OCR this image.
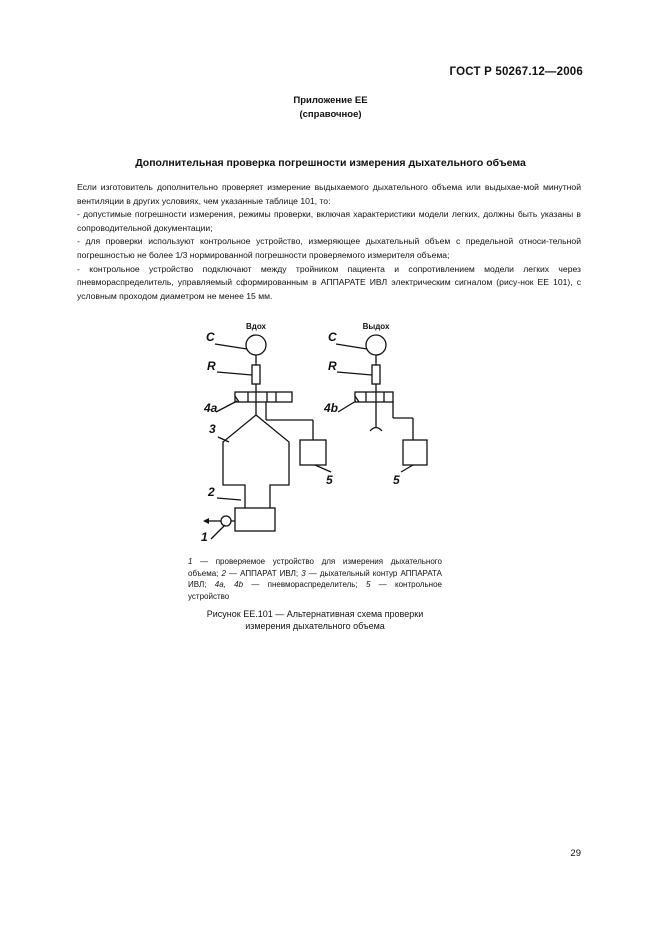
ГОСТ Р 50267.12—2006
Приложение ЕЕ
(справочное)
Дополнительная проверка погрешности измерения дыхательного объема

Если изготовитель дополнительно проверяет измерение выдыхаемого дыхательного объема или выдыхае-мой минутной вентиляции в других условиях, чем указанные таблице 101, то:

- допустимые погрешности измерения, режимы проверки, включая характеристики модели легких, должны быть указаны в сопроводительной документации;

- для проверки используют контрольное устройство, измеряющее дыхательный объем с предельной относи-тельной погрешностью не более 1/3 нормированной погрешности проверяемого измерителя объема;

- контрольное устройство подключают между тройником пациента и сопротивлением модели легких через пневмораспределитель, управляемый сформированным в АППАРАТЕ ИВЛ электрическим сигналом (рису-нок ЕЕ 101), с условным проходом диаметром не менее 15 мм.

Вдох	Выдох
C
R
4a
3
2
1
5
C
R
4b
5
1 — проверяемое устройство для измерения дыхательного объема; 2 — АППАРАТ ИВЛ; 3 — дыхательный контур АППАРАТА ИВЛ; 4a, 4b — пневмораспределитель; 5 — контрольное устройство
Рисунок ЕЕ.101 — Альтернативная схема проверки измерения дыхательного объема
29
